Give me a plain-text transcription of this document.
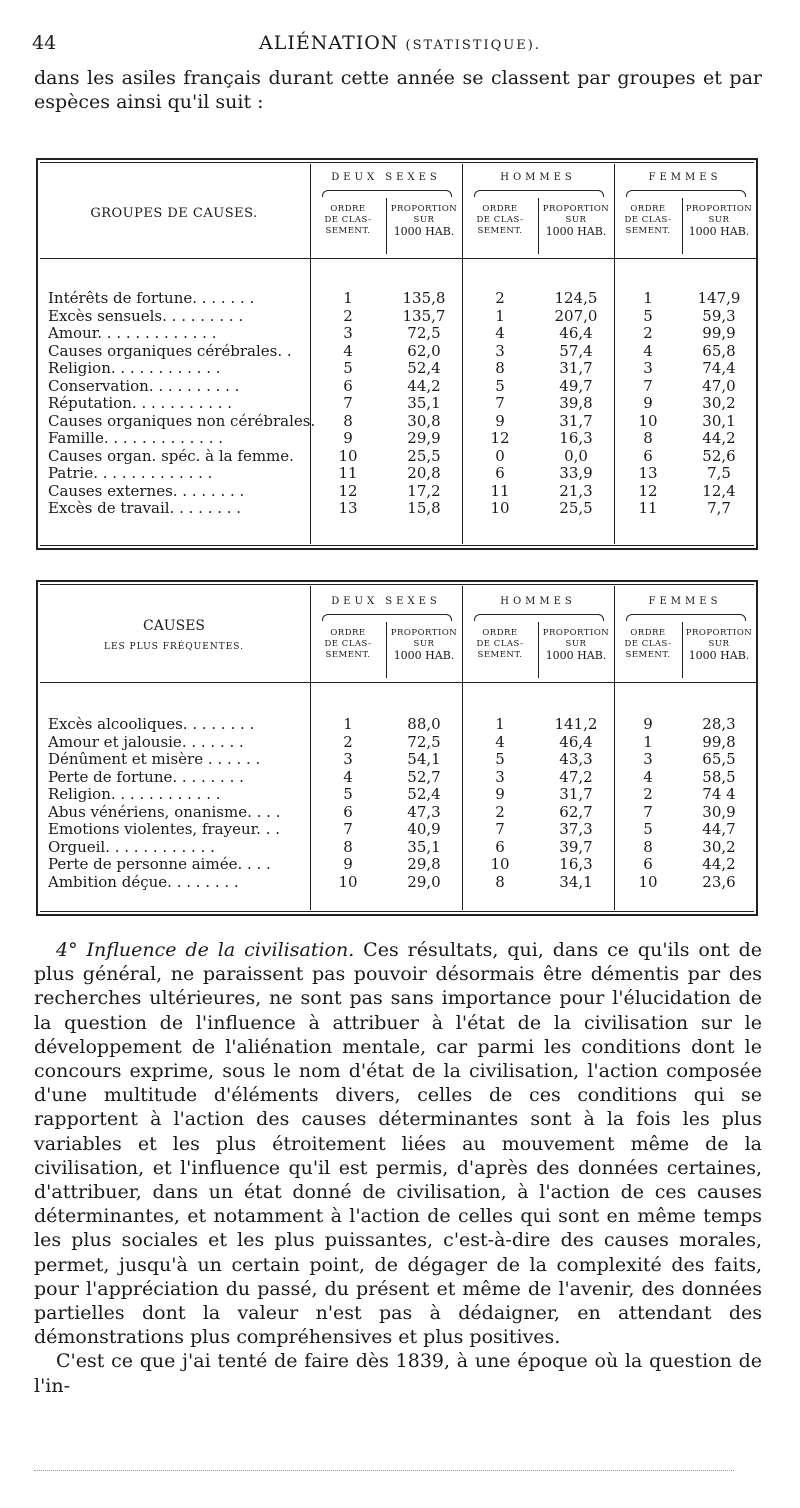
44	ALIÉNATION (STATISTIQUE).
dans les asiles français durant cette année se classent par groupes et par espèces ainsi qu'il suit :
GROUPES DE CAUSES.
DEUX SEXES
ORDRE
DE CLAS-
SEMENT.
PROPORTION
SUR
1000 HAB.
HOMMES
ORDRE
DE CLAS-
SEMENT.
PROPORTION
SUR
1000 HAB.
FEMMES
ORDRE
DE CLAS-
SEMENT.
PROPORTION
SUR
1000 HAB.
Intérêts de fortune. . . . . . .	1	135,8	2	124,5	1	147,9
Excès sensuels. . . . . . . . .	2	135,7	1	207,0	5	59,3
Amour. . . . . . . . . . . . .	3	72,5	4	46,4	2	99,9
Causes organiques cérébrales. .	4	62,0	3	57,4	4	65,8
Religion. . . . . . . . . . . .	5	52,4	8	31,7	3	74,4
Conservation. . . . . . . . . .	6	44,2	5	49,7	7	47,0
Réputation. . . . . . . . . . .	7	35,1	7	39,8	9	30,2
Causes organiques non cérébrales.	8	30,8	9	31,7	10	30,1
Famille. . . . . . . . . . . . .	9	29,9	12	16,3	8	44,2
Causes organ. spéc. à la femme.	10	25,5	0	0,0	6	52,6
Patrie. . . . . . . . . . . . .	11	20,8	6	33,9	13	7,5
Causes externes. . . . . . . .	12	17,2	11	21,3	12	12,4
Excès de travail. . . . . . . .	13	15,8	10	25,5	11	7,7
CAUSES
LES PLUS FRÉQUENTES.
DEUX SEXES
ORDRE
DE CLAS-
SEMENT.
PROPORTION
SUR
1000 HAB.
HOMMES
ORDRE
DE CLAS-
SEMENT.
PROPORTION
SUR
1000 HAB.
FEMMES
ORDRE
DE CLAS-
SEMENT.
PROPORTION
SUR
1000 HAB.
Excès alcooliques. . . . . . . .	1	88,0	1	141,2	9	28,3
Amour et jalousie. . . . . . .	2	72,5	4	46,4	1	99,8
Dénûment et misère . . . . . .	3	54,1	5	43,3	3	65,5
Perte de fortune. . . . . . . .	4	52,7	3	47,2	4	58,5
Religion. . . . . . . . . . . .	5	52,4	9	31,7	2	74 4
Abus vénériens, onanisme. . . .	6	47,3	2	62,7	7	30,9
Emotions violentes, frayeur. . .	7	40,9	7	37,3	5	44,7
Orgueil. . . . . . . . . . . .	8	35,1	6	39,7	8	30,2
Perte de personne aimée. . . .	9	29,8	10	16,3	6	44,2
Ambition déçue. . . . . . . .	10	29,0	8	34,1	10	23,6

4° Influence de la civilisation. Ces résultats, qui, dans ce qu'ils ont de plus général, ne paraissent pas pouvoir désormais être démentis par des recherches ultérieures, ne sont pas sans importance pour l'élucidation de la question de l'influence à attribuer à l'état de la civilisation sur le développement de l'aliénation mentale, car parmi les conditions dont le concours exprime, sous le nom d'état de la civilisation, l'action composée d'une multitude d'éléments divers, celles de ces conditions qui se rapportent à l'action des causes déterminantes sont à la fois les plus variables et les plus étroitement liées au mouvement même de la civilisation, et l'influence qu'il est permis, d'après des données certaines, d'attribuer, dans un état donné de civilisation, à l'action de ces causes déterminantes, et notamment à l'action de celles qui sont en même temps les plus sociales et les plus puissantes, c'est-à-dire des causes morales, permet, jusqu'à un certain point, de dégager de la complexité des faits, pour l'appréciation du passé, du présent et même de l'avenir, des données partielles dont la valeur n'est pas à dédaigner, en attendant des démonstrations plus compréhensives et plus positives.

C'est ce que j'ai tenté de faire dès 1839, à une époque où la question de l'in-
